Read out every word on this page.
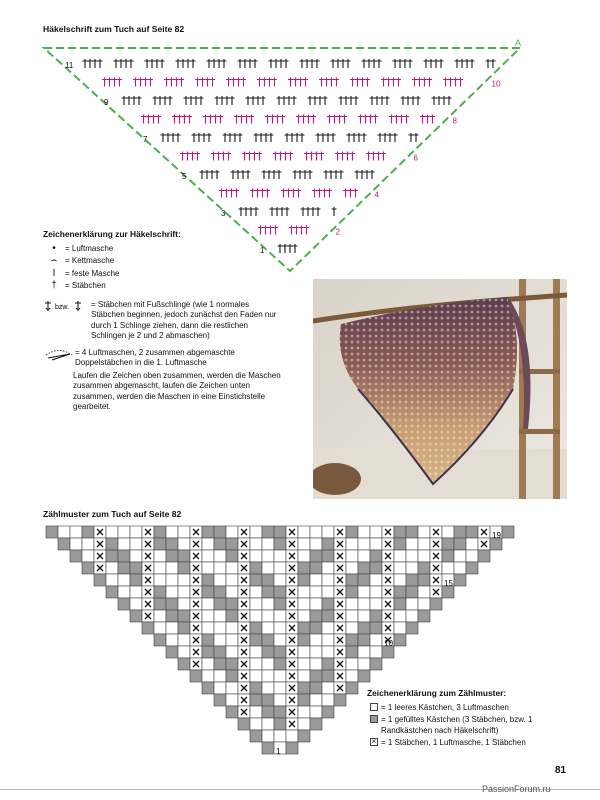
Häkelschrift zum Tuch auf Seite 82
11
10
9
8
7
6
5
4
3
2
1
A
Zeichenerklärung zur Häkelschrift:
•	= Luftmasche
⌢ = Kettmasche
I	= feste Masche
†	= Stäbchen
bzw.	= Stäbchen mit Fußschlinge (wie 1 normales Stäbchen beginnen, jedoch zunächst den Faden nur durch 1 Schlinge ziehen, dann die restlichen Schlingen je 2 und 2 abmaschen)
= 4 Luftmaschen, 2 zusammen abgemaschte Doppelstäbchen in die 1. Luftmasche
Laufen die Zeichen oben zusammen, werden die Maschen zusammen abgemascht, laufen die Zeichen unten zusammen, werden die Maschen in eine Einstichstelle gearbeitet.
Zählmuster zum Tuch auf Seite 82
19
15
10
1
Zeichenerklärung zum Zählmuster:
= 1 leeres Kästchen, 3 Luftmaschen
= 1 gefülltes Kästchen (3 Stäbchen, bzw. 1 Randkästchen nach Häkelschrift)
× = 1 Stäbchen, 1 Luftmasche, 1 Stäbchen
81
PassionForum.ru
